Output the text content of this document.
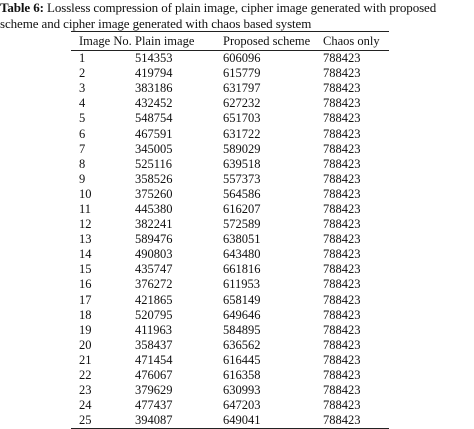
Table 6: Lossless compression of plain image, cipher image generated with proposed scheme and cipher image generated with chaos based system
Image No.	Plain image	Proposed scheme	Chaos only
1	514353	606096	788423
2	419794	615779	788423
3	383186	631797	788423
4	432452	627232	788423
5	548754	651703	788423
6	467591	631722	788423
7	345005	589029	788423
8	525116	639518	788423
9	358526	557373	788423
10	375260	564586	788423
11	445380	616207	788423
12	382241	572589	788423
13	589476	638051	788423
14	490803	643480	788423
15	435747	661816	788423
16	376272	611953	788423
17	421865	658149	788423
18	520795	649646	788423
19	411963	584895	788423
20	358437	636562	788423
21	471454	616445	788423
22	476067	616358	788423
23	379629	630993	788423
24	477437	647203	788423
25	394087	649041	788423
